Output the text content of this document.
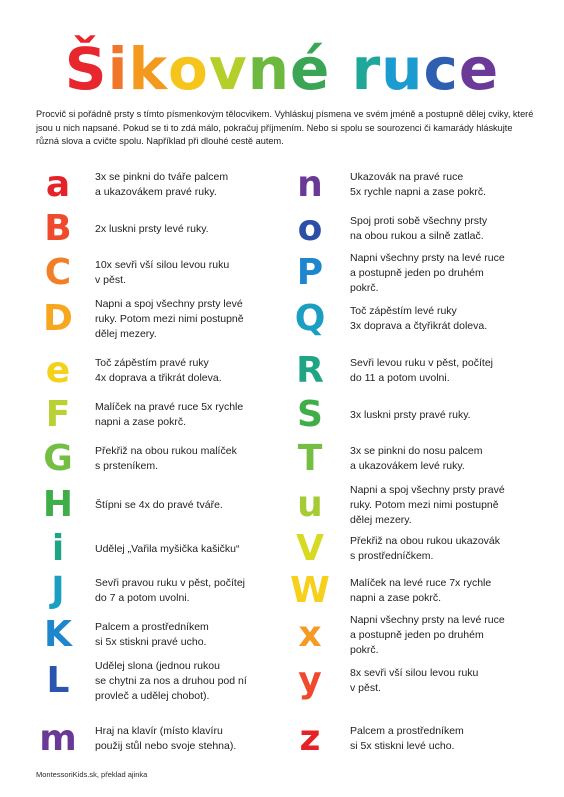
Šikovné ruce
Procvič si pořádně prsty s tímto písmenkovým tělocvikem. Vyhláskuj písmena ve svém jméně a postupně dělej cviky, které jsou u nich napsané. Pokud se ti to zdá málo, pokračuj příjmením. Nebo si spolu se sourozenci či kamarády hláskujte různá slova a cvičte spolu. Například při dlouhé cestě autem.
a	3x se pinkni do tváře palcem
a ukazovákem pravé ruky.
B	2x luskni prsty levé ruky.
C	10x sevři vší silou levou ruku
v pěst.
D	Napni a spoj všechny prsty levé
ruky. Potom mezi nimi postupně
dělej mezery.
e	Toč zápěstím pravé ruky
4x doprava a třikrát doleva.
F	Malíček na pravé ruce 5x rychle
napni a zase pokrč.
G	Překřiž na obou rukou malíček
s prsteníkem.
H	Štípni se 4x do pravé tváře.
i	Udělej „Vařila myšička kašičku“
J	Sevři pravou ruku v pěst, počítej
do 7 a potom uvolni.
K	Palcem a prostředníkem
si 5x stiskni pravé ucho.
L	Udělej slona (jednou rukou
se chytni za nos a druhou pod ní
provleč a udělej chobot).
m	Hraj na klavír (místo klavíru
použij stůl nebo svoje stehna).
n	Ukazovák na pravé ruce
5x rychle napni a zase pokrč.
o	Spoj proti sobě všechny prsty
na obou rukou a silně zatlač.
P	Napni všechny prsty na levé ruce
a postupně jeden po druhém
pokrč.
Q	Toč zápěstím levé ruky
3x doprava a čtyřikrát doleva.
R	Sevři levou ruku v pěst, počítej
do 11 a potom uvolni.
S	3x luskni prsty pravé ruky.
T	3x se pinkni do nosu palcem
a ukazovákem levé ruky.
u	Napni a spoj všechny prsty pravé
ruky. Potom mezi nimi postupně
dělej mezery.
V	Překřiž na obou rukou ukazovák
s prostředníčkem.
W Malíček na levé ruce 7x rychle
napni a zase pokrč.
x	Napni všechny prsty na levé ruce
a postupně jeden po druhém
pokrč.
y	8x sevři vší silou levou ruku
v pěst.
z	Palcem a prostředníkem
si 5x stiskni levé ucho.
MontessoriKids.sk, překlad ajinka
